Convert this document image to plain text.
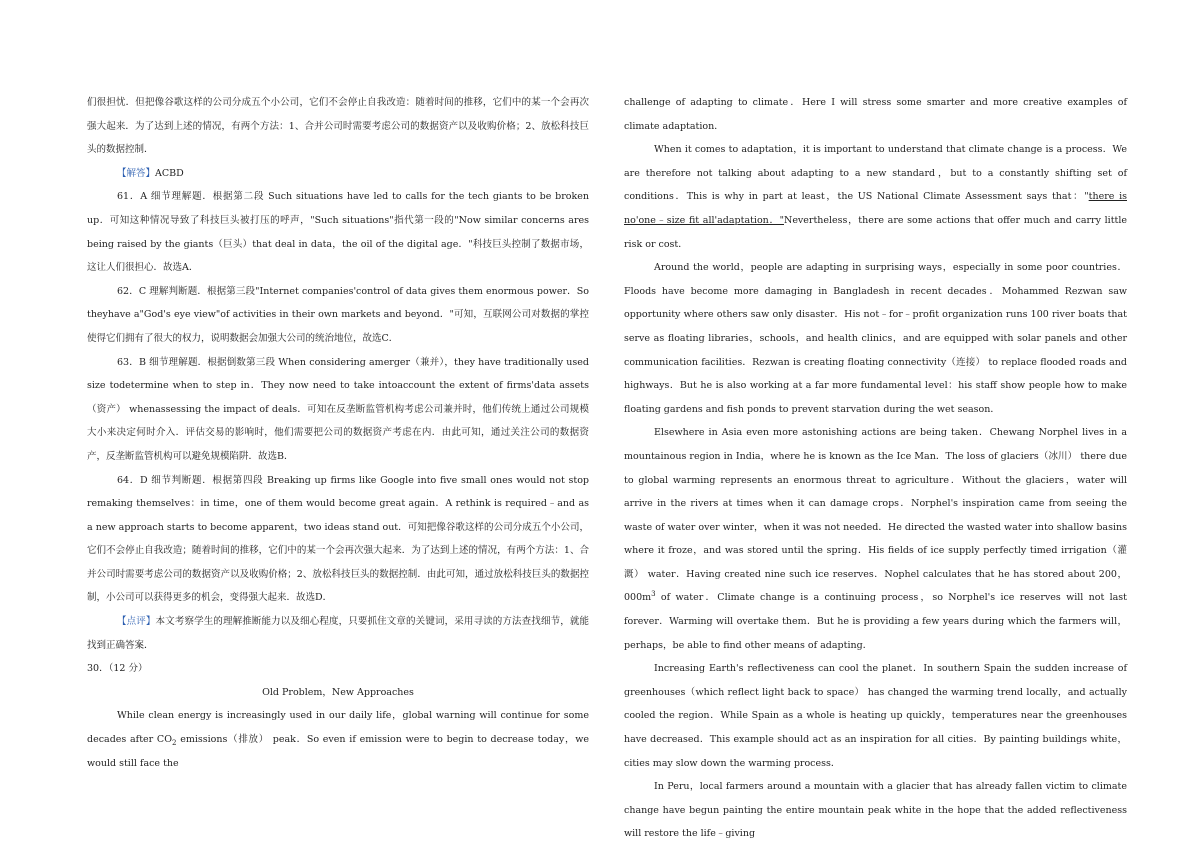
们很担忧．但把像谷歌这样的公司分成五个小公司，它们不会停止自我改造：随着时间的推移，它们中的某一个会再次强大起来．为了达到上述的情况，有两个方法：1、合并公司时需要考虑公司的数据资产以及收购价格；2、放松科技巨头的数据控制．

【解答】ACBD

61．A 细节理解题．根据第二段 Such situations have led to calls for the tech giants to be broken up．可知这种情况导致了科技巨头被打压的呼声，"Such situations"指代第一段的"Now similar concerns ares being raised by the giants（巨头）that deal in data，the oil of the digital age．"科技巨头控制了数据市场，这让人们很担心．故选A．

62．C 理解判断题．根据第三段"Internet companies'control of data gives them enormous power．So theyhave a"God's eye view"of activities in their own markets and beyond．"可知，互联网公司对数据的掌控使得它们拥有了很大的权力，说明数据会加强大公司的统治地位，故选C．

63．B 细节理解题．根据倒数第三段 When considering amerger（兼并），they have traditionally used size todetermine when to step in．They now need to take intoaccount the extent of firms'data assets（资产） whenassessing the impact of deals．可知在反垄断监管机构考虑公司兼并时，他们传统上通过公司规模大小来决定何时介入．评估交易的影响时，他们需要把公司的数据资产考虑在内．由此可知，通过关注公司的数据资产，反垄断监管机构可以避免规模陷阱．故选B．

64．D 细节判断题．根据第四段 Breaking up firms like Google into five small ones would not stop remaking themselves：in time，one of them would become great again．A rethink is required﹣and as a new approach starts to become apparent，two ideas stand out．可知把像谷歌这样的公司分成五个小公司，它们不会停止自我改造；随着时间的推移，它们中的某一个会再次强大起来．为了达到上述的情况，有两个方法：1、合并公司时需要考虑公司的数据资产以及收购价格；2、放松科技巨头的数据控制．由此可知，通过放松科技巨头的数据控制，小公司可以获得更多的机会，变得强大起来．故选D．

【点评】本文考察学生的理解推断能力以及细心程度，只要抓住文章的关键词，采用寻读的方法查找细节，就能找到正确答案．

30．（12 分）

Old Problem，New Approaches

While clean energy is increasingly used in our daily life，global warning will continue for some decades after $CO_2$ emissions（排放） peak．So even if emission were to begin to decrease today，we would still face the

challenge of adapting to climate．Here I will stress some smarter and more creative examples of climate adaptation．

When it comes to adaptation，it is important to understand that climate change is a process．We are therefore not talking about adapting to a new standard，but to a constantly shifting set of conditions．This is why in part at least，the US National Climate Assessment says that："there is no'one﹣size fit all'adaptation．"Nevertheless，there are some actions that offer much and carry little risk or cost．

Around the world，people are adapting in surprising ways，especially in some poor countries．Floods have become more damaging in Bangladesh in recent decades．Mohammed Rezwan saw opportunity where others saw only disaster．His not﹣for﹣profit organization runs 100 river boats that serve as floating libraries，schools，and health clinics，and are equipped with solar panels and other communication facilities．Rezwan is creating floating connectivity（连接） to replace flooded roads and highways．But he is also working at a far more fundamental level：his staff show people how to make floating gardens and fish ponds to prevent starvation during the wet season．

Elsewhere in Asia even more astonishing actions are being taken．Chewang Norphel lives in a mountainous region in India，where he is known as the Ice Man．The loss of glaciers（冰川） there due to global warming represents an enormous threat to agriculture．Without the glaciers，water will arrive in the rivers at times when it can damage crops．Norphel's inspiration came from seeing the waste of water over winter，when it was not needed．He directed the wasted water into shallow basins where it froze，and was stored until the spring．His fields of ice supply perfectly timed irrigation（灌溉） water．Having created nine such ice reserves．Nophel calculates that he has stored about 200，$000m^3$ of water．Climate change is a continuing process，so Norphel's ice reserves will not last forever．Warming will overtake them．But he is providing a few years during which the farmers will，perhaps，be able to find other means of adapting．

Increasing Earth's reflectiveness can cool the planet．In southern Spain the sudden increase of greenhouses（which reflect light back to space） has changed the warming trend locally，and actually cooled the region．While Spain as a whole is heating up quickly，temperatures near the greenhouses have decreased．This example should act as an inspiration for all cities．By painting buildings white，cities may slow down the warming process．

In Peru，local farmers around a mountain with a glacier that has already fallen victim to climate change have begun painting the entire mountain peak white in the hope that the added reflectiveness will restore the life﹣giving
